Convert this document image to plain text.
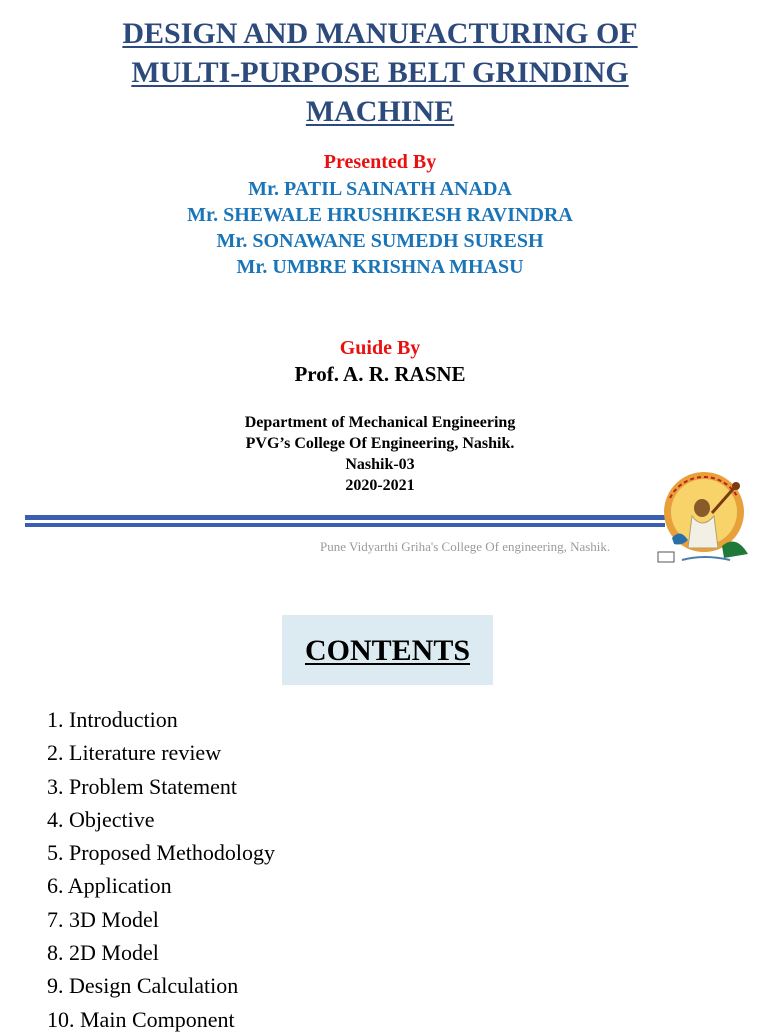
DESIGN AND MANUFACTURING OF
MULTI-PURPOSE BELT GRINDING
MACHINE
Presented By
Mr. PATIL SAINATH ANADA
Mr. SHEWALE HRUSHIKESH RAVINDRA
Mr. SONAWANE SUMEDH SURESH
Mr. UMBRE KRISHNA MHASU
Guide By
Prof. A. R. RASNE
Department of Mechanical Engineering
PVG’s College Of Engineering, Nashik.
Nashik-03
2020-2021
Pune Vidyarthi Griha's College Of engineering, Nashik.
CONTENTS
1. Introduction
2. Literature review
3. Problem Statement
4. Objective
5. Proposed Methodology
6. Application
7. 3D Model
8. 2D Model
9. Design Calculation
10. Main Component
